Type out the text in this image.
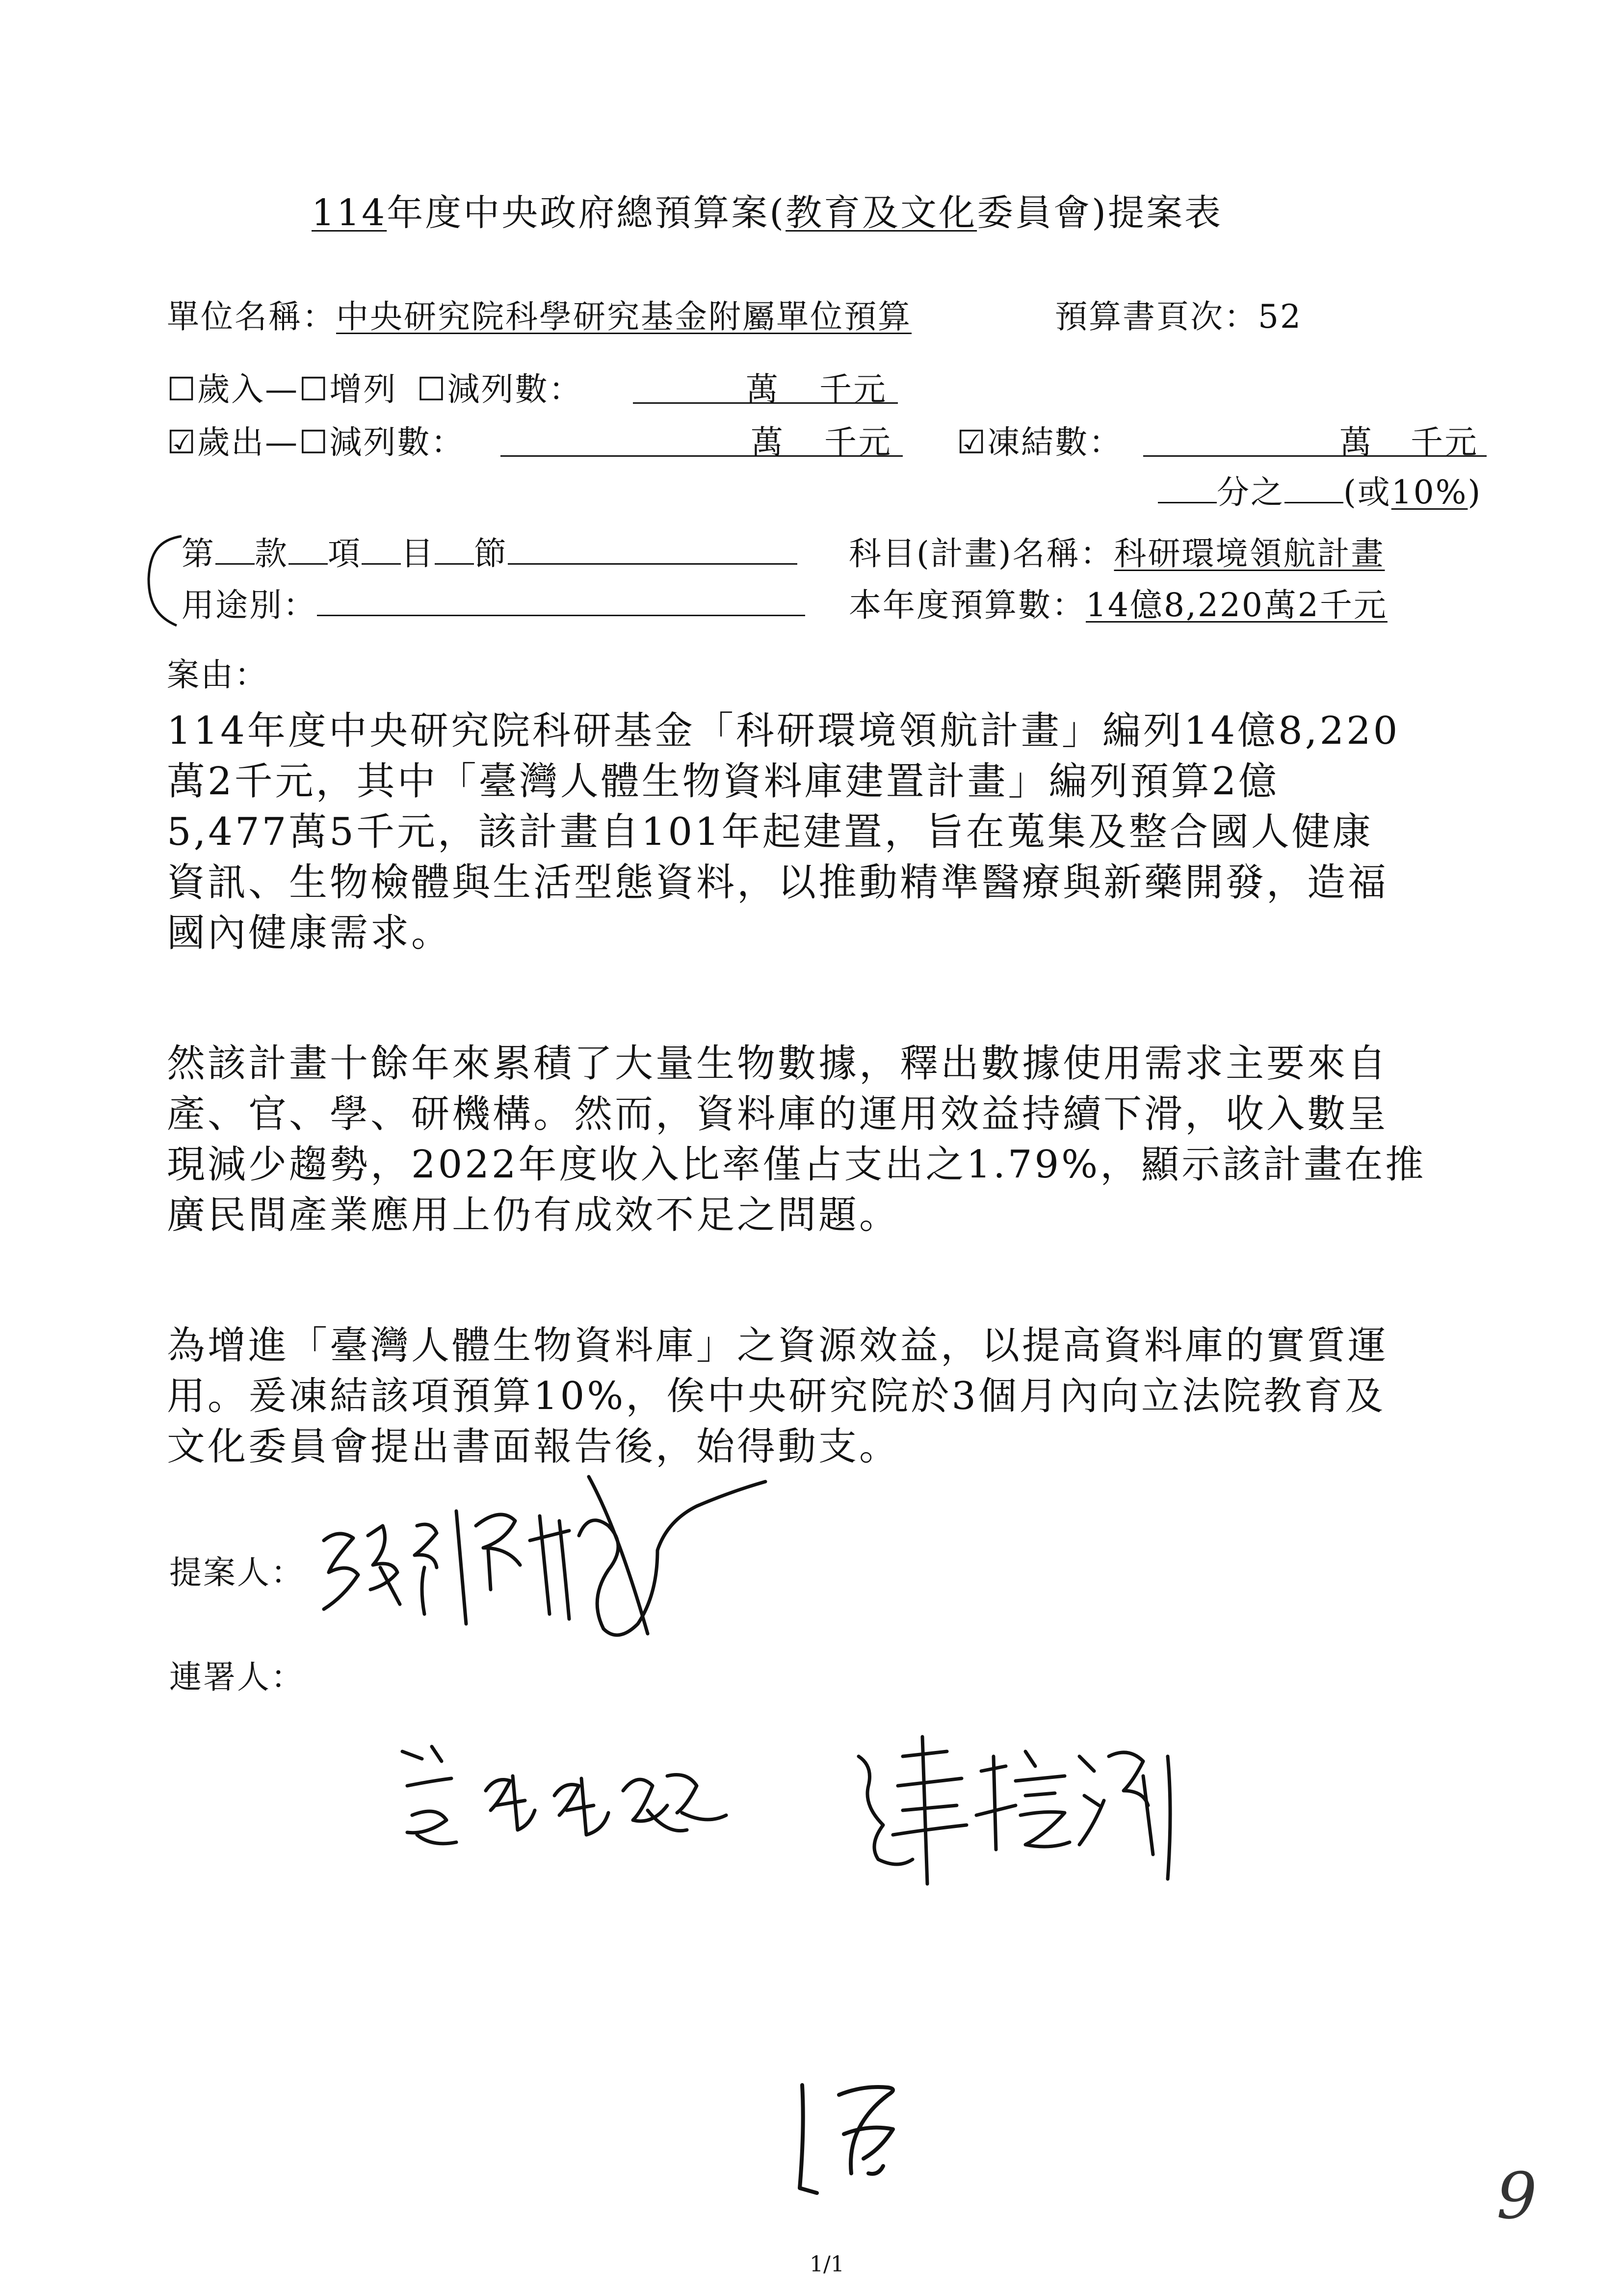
114年度中央政府總預算案(教育及文化委員會)提案表
單位名稱：中央研究院科學研究基金附屬單位預算	預算書頁次：52
☐歲入—☐增列 ☐減列數：	萬 千元
☑歲出—☐減列數：	萬 千元 ☑凍結數：	萬 千元
分之 (或10%)
第 款 項 目 節	科目(計畫)名稱：科研環境領航計畫
用途別：	本年度預算數：14億8,220萬2千元
案由：
114年度中央研究院科研基金「科研環境領航計畫」編列14億8,220
萬2千元，其中「臺灣人體生物資料庫建置計畫」編列預算2億
5,477萬5千元，該計畫自101年起建置，旨在蒐集及整合國人健康
資訊、生物檢體與生活型態資料，以推動精準醫療與新藥開發，造福
國內健康需求。
然該計畫十餘年來累積了大量生物數據，釋出數據使用需求主要來自
產、官、學、研機構。然而，資料庫的運用效益持續下滑，收入數呈
現減少趨勢，2022年度收入比率僅占支出之1.79%，顯示該計畫在推
廣民間產業應用上仍有成效不足之問題。
為增進「臺灣人體生物資料庫」之資源效益，以提高資料庫的實質運
用。爰凍結該項預算10%，俟中央研究院於3個月內向立法院教育及
文化委員會提出書面報告後，始得動支。
提案人：
連署人：
9
1/1
